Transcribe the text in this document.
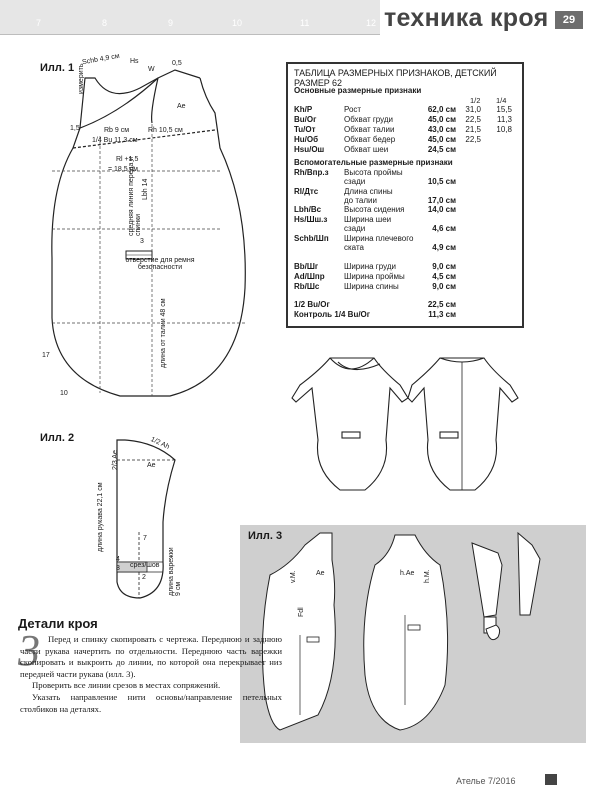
7	8	9	10	11	12 техника кроя	29
Илл. 1
Schb 4,9 см Hs
W
0,5
измерить
Aе
1,5	Rb 9 см	Rh 10,5 см
1/4 Bu 11,3 см
Rl +1,5
= 18,5 см
средняя линия переда и спинки
Lbh 14
3
отверстие для ремня безопасности
длина от талии 48 см
17
10
ТАБЛИЦА РАЗМЕРНЫХ ПРИЗНАКОВ, ДЕТСКИЙ РАЗМЕР 62
Основные размерные признаки
1/2 1/4
Kh/P	Рост	62,0 см	31,0	15,5
Bu/Ог	Обхват груди	45,0 см	22,5	11,3
Tu/От	Обхват талии	43,0 см	21,5	10,8
Hu/Об	Обхват бедер	45,0 см	22,5
Hsu/Ош Обхват шеи	24,5 см
Вспомогательные размерные признаки
Rh/Впр.з Высота проймы
сзади	10,5 см
Rl/Дтс	Длина спины
до талии	17,0 см
Lbh/Вс	Высота сидения	14,0 см
Hs/Шш.з Ширина шеи
сзади	4,6 см
Schb/Шп Ширина плечевого
ската	4,9 см
Bb/Шг	Ширина груди	9,0 см
Ad/Шпр Ширина проймы	4,5 см
Rb/Шс	Ширина спины	9,0 см
1/2 Bu/Ог	22,5 см
Контроль 1/4 Bu/Ог	11,3 см
Илл. 2	1/2 Ah
2/3 Aе	Aе
длина рукава 22,1 см	7
4
3
2
срез/шов длина варежки 9 см
Илл. 3
Aе	h.Aе
v.M.	h.M.
Fdl
Детали кроя
3 Перед и спинку скопировать с чертежа. Переднюю и заднюю части рукава начертить по отдельности. Переднюю часть варежки скопировать и выкроить до линии, по которой она перекрывает низ передней части рукава (илл. 3).

Проверить все линии срезов в местах сопряжений.

Указать направление нити основы/направление петельных столбиков на деталях.

Ателье 7/2016
